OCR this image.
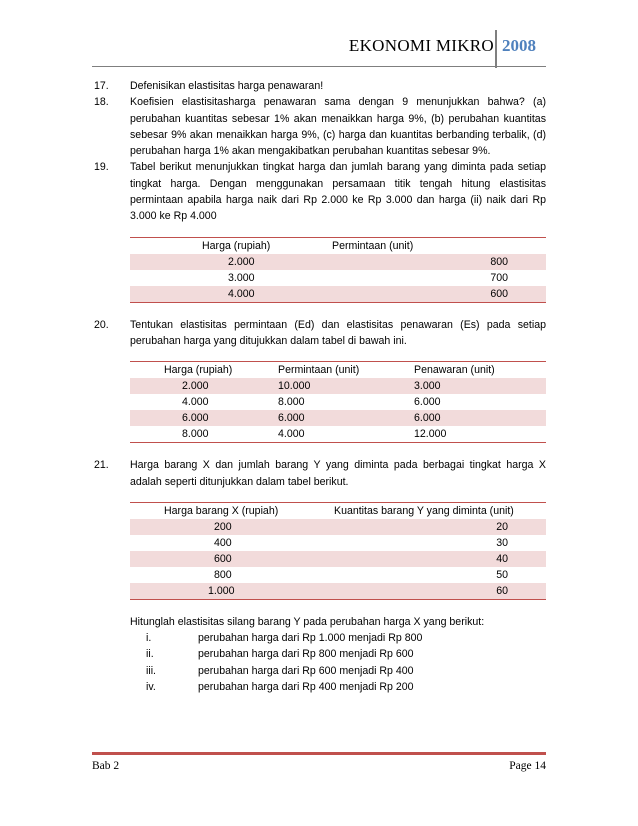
EKONOMI MIKRO 2008
17.	Defenisikan elastisitas harga penawaran!
18.	Koefisien elastisitasharga penawaran sama dengan 9 menunjukkan bahwa? (a) perubahan kuantitas sebesar 1% akan menaikkan harga 9%, (b) perubahan kuantitas sebesar 9% akan menaikkan harga 9%, (c) harga dan kuantitas berbanding terbalik, (d) perubahan harga 1% akan mengakibatkan perubahan kuantitas sebesar 9%.
19.	Tabel berikut menunjukkan tingkat harga dan jumlah barang yang diminta pada setiap tingkat harga. Dengan menggunakan persamaan titik tengah hitung elastisitas permintaan apabila harga naik dari Rp 2.000 ke Rp 3.000 dan harga (ii) naik dari Rp 3.000 ke Rp 4.000
	Harga (rupiah)	Permintaan (unit)	
	2.000	800	
	3.000	700	
	4.000	600	
20.	Tentukan elastisitas permintaan (Ed) dan elastisitas penawaran (Es) pada setiap perubahan harga yang ditujukkan dalam tabel di bawah ini.
	Harga (rupiah)	Permintaan (unit)	Penawaran (unit)
	2.000	10.000	3.000
	4.000	8.000	6.000
	6.000	6.000	6.000
	8.000	4.000	12.000
21.	Harga barang X dan jumlah barang Y yang diminta pada berbagai tingkat harga X adalah seperti ditunjukkan dalam tabel berikut.
	Harga barang X (rupiah)	Kuantitas barang Y yang diminta (unit)	
	200	20	
	400	30	
	600	40	
	800	50	
	1.000	60	
Hitunglah elastisitas silang barang Y pada perubahan harga X yang berikut:
i.	perubahan harga dari Rp 1.000 menjadi Rp 800
ii.	perubahan harga dari Rp 800 menjadi Rp 600
iii.	perubahan harga dari Rp 600 menjadi Rp 400
iv.	perubahan harga dari Rp 400 menjadi Rp 200
Bab 2	Page 14
